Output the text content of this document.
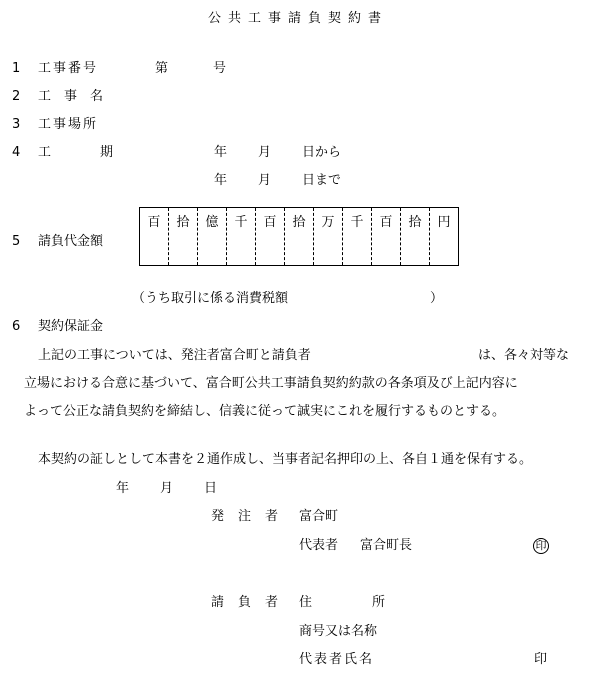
公共工事請負契約書
1 工事番号	第	号
2 工　事　名
3 工事場所
4 工	期	年 月 日から
年 月 日まで
5 請負代金額
百	拾	億	千	百	拾	万	千	百	拾	円
（うち取引に係る消費税額	）
6 契約保証金
上記の工事については、発注者富合町と請負者	は、各々対等な
立場における合意に基づいて、富合町公共工事請負契約約款の各条項及び上記内容に
よって公正な請負契約を締結し、信義に従って誠実にこれを履行するものとする。
本契約の証しとして本書を２通作成し、当事者記名押印の上、各自１通を保有する。
年 月 日
発注者 富合町
代表者 富合町長	印
請負者 住	所
商号又は名称
代表者氏名	印
